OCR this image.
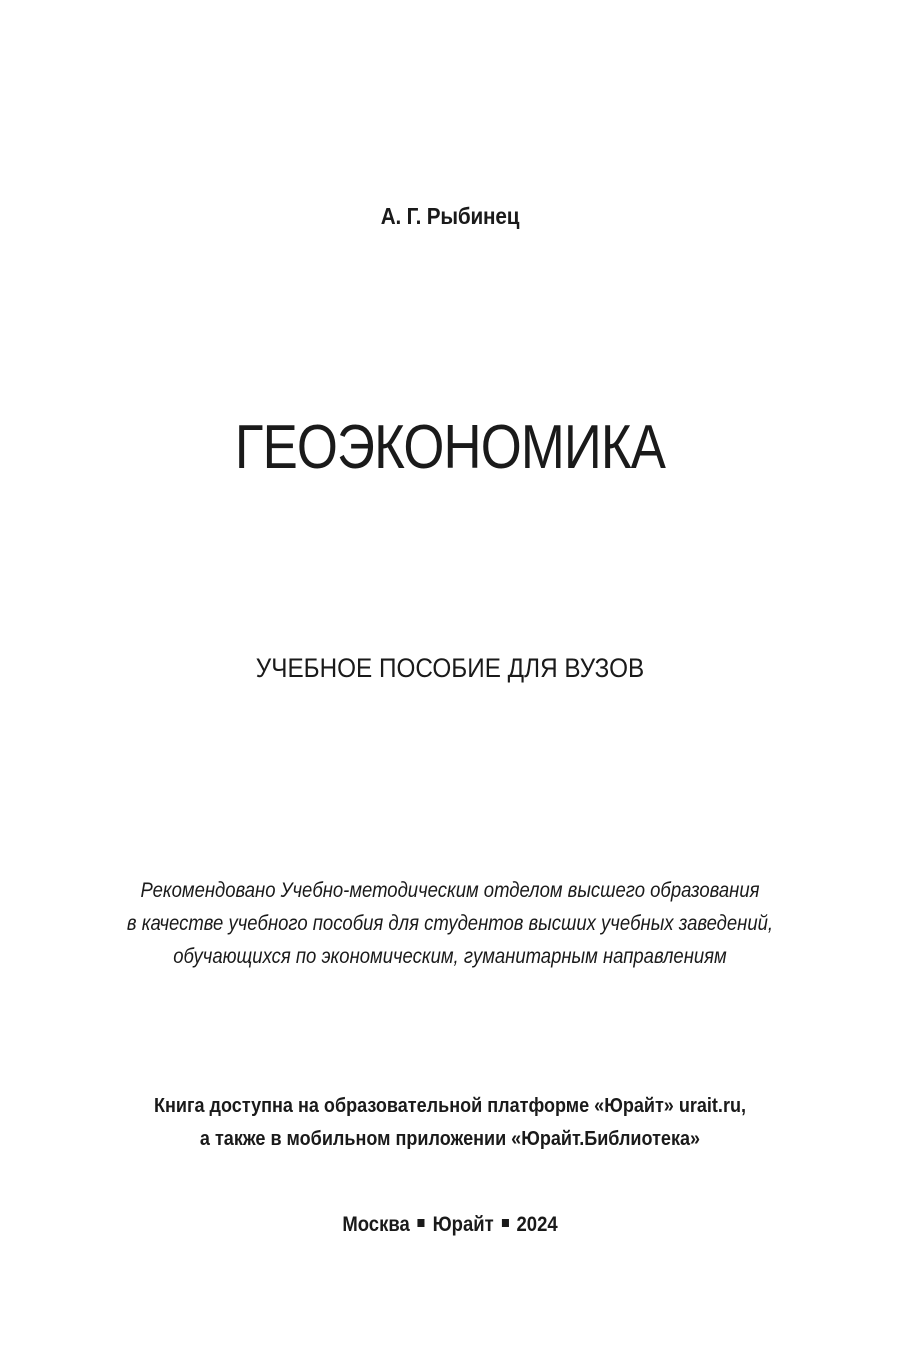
А. Г. Рыбинец
ГЕОЭКОНОМИКА
УЧЕБНОЕ ПОСОБИЕ ДЛЯ ВУЗОВ
Рекомендовано Учебно-методическим отделом высшего образования
в качестве учебного пособия для студентов высших учебных заведений,
обучающихся по экономическим, гуманитарным направлениям
Книга доступна на образовательной платформе «Юрайт» urait.ru,
а также в мобильном приложении «Юрайт.Библиотека»
Москва Юрайт 2024
